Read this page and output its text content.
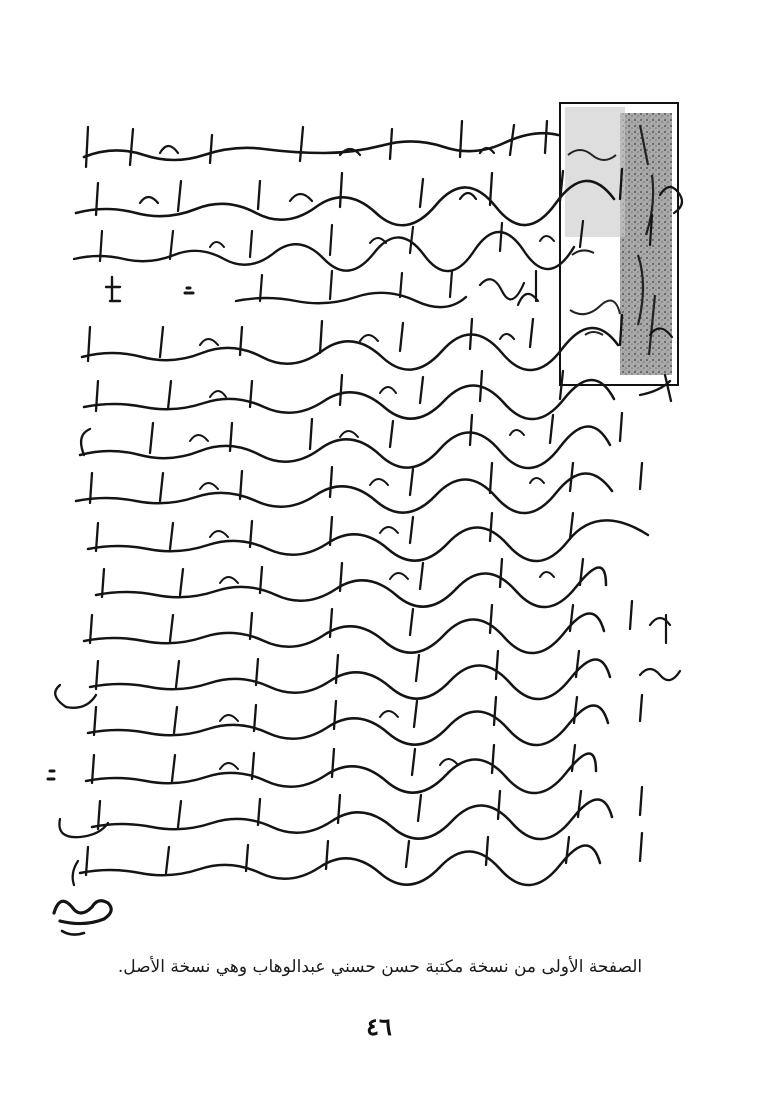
الصفحة الأولى من نسخة مكتبة حسن حسني عبدالوهاب وهي نسخة الأصل.
٤٦
